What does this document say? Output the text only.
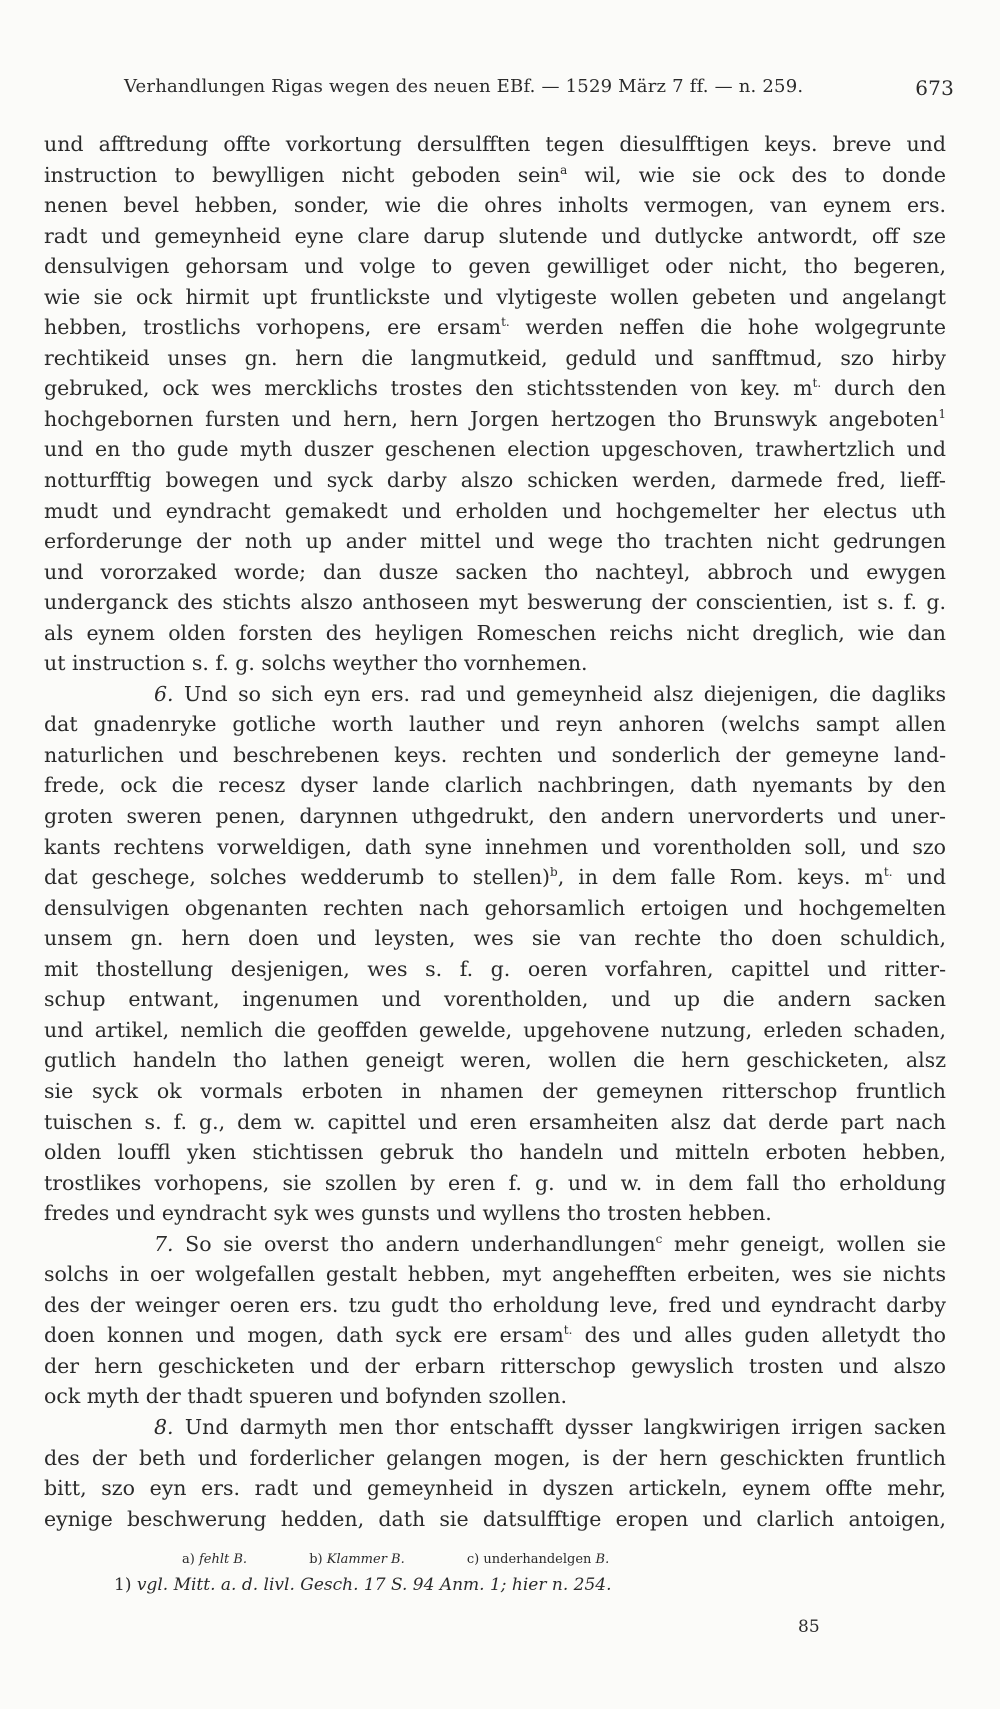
Verhandlungen Rigas wegen des neuen EBf. — 1529 März 7 ff. — n. 259.	673
und afftredung offte vorkortung dersulfften tegen diesulfftigen keys. breve und
instruction to bewylligen nicht geboden sein$^a$ wil, wie sie ock des to donde
nenen bevel hebben, sonder, wie die ohres inholts vermogen, van eynem ers.
radt und gemeynheid eyne clare darup slutende und dutlycke antwordt, off sze
densulvigen gehorsam und volge to geven gewilliget oder nicht, tho begeren,
wie sie ock hirmit upt fruntlickste und vlytigeste wollen gebeten und angelangt
hebben, trostlichs vorhopens, ere ersam$^{t.}$ werden neffen die hohe wolgegrunte
rechtikeid unses gn. hern die langmutkeid, geduld und sanfftmud, szo hirby
gebruked, ock wes mercklichs trostes den stichtsstenden von key. $m^{t.}$ durch den
hochgebornen fursten und hern, hern Jorgen hertzogen tho Brunswyk angeboten$^1$
und en tho gude myth duszer geschenen election upgeschoven, trawhertzlich und
notturfftig bowegen und syck darby alszo schicken werden, darmede fred, lieff-
mudt und eyndracht gemakedt und erholden und hochgemelter her electus uth
erforderunge der noth up ander mittel und wege tho trachten nicht gedrungen
und vororzaked worde; dan dusze sacken tho nachteyl, abbroch und ewygen
underganck des stichts alszo anthoseen myt beswerung der conscientien, ist s. f. g.
als eynem olden forsten des heyligen Romeschen reichs nicht dreglich, wie dan
ut instruction s. f. g. solchs weyther tho vornhemen.
6. Und so sich eyn ers. rad und gemeynheid alsz diejenigen, die dagliks
dat gnadenryke gotliche worth lauther und reyn anhoren (welchs sampt allen
naturlichen und beschrebenen keys. rechten und sonderlich der gemeyne land-
frede, ock die recesz dyser lande clarlich nachbringen, dath nyemants by den
groten sweren penen, darynnen uthgedrukt, den andern unervorderts und uner-
kants rechtens vorweldigen, dath syne innehmen und vorentholden soll, und szo
dat geschege, solches wedderumb to stellen)$^b$, in dem falle Rom. keys. $m^{t.}$ und
densulvigen obgenanten rechten nach gehorsamlich ertoigen und hochgemelten
unsem gn. hern doen und leysten, wes sie van rechte tho doen schuldich,
mit thostellung desjenigen, wes s. f. g. oeren vorfahren, capittel und ritter-
schup entwant, ingenumen und vorentholden, und up die andern sacken
und artikel, nemlich die geoffden gewelde, upgehovene nutzung, erleden schaden,
gutlich handeln tho lathen geneigt weren, wollen die hern geschicketen, alsz
sie syck ok vormals erboten in nhamen der gemeynen ritterschop fruntlich
tuischen s. f. g., dem w. capittel und eren ersamheiten alsz dat derde part nach
olden louffl yken stichtissen gebruk tho handeln und mitteln erboten hebben,
trostlikes vorhopens, sie szollen by eren f. g. und w. in dem fall tho erholdung
fredes und eyndracht syk wes gunsts und wyllens tho trosten hebben.
7. So sie overst tho andern underhandlungen$^c$ mehr geneigt, wollen sie
solchs in oer wolgefallen gestalt hebben, myt angehefften erbeiten, wes sie nichts
des der weinger oeren ers. tzu gudt tho erholdung leve, fred und eyndracht darby
doen konnen und mogen, dath syck ere ersam$^{t.}$ des und alles guden alletydt tho
der hern geschicketen und der erbarn ritterschop gewyslich trosten und alszo
ock myth der thadt spueren und bofynden szollen.
8. Und darmyth men thor entschafft dysser langkwirigen irrigen sacken
des der beth und forderlicher gelangen mogen, is der hern geschickten fruntlich
bitt, szo eyn ers. radt und gemeynheid in dyszen artickeln, eynem offte mehr,
eynige beschwerung hedden, dath sie datsulfftige eropen und clarlich antoigen,
a) fehlt B.	b) Klammer B.	c) underhandelgen B.
1) vgl. Mitt. a. d. livl. Gesch. 17 S. 94 Anm. 1; hier n. 254.
85
